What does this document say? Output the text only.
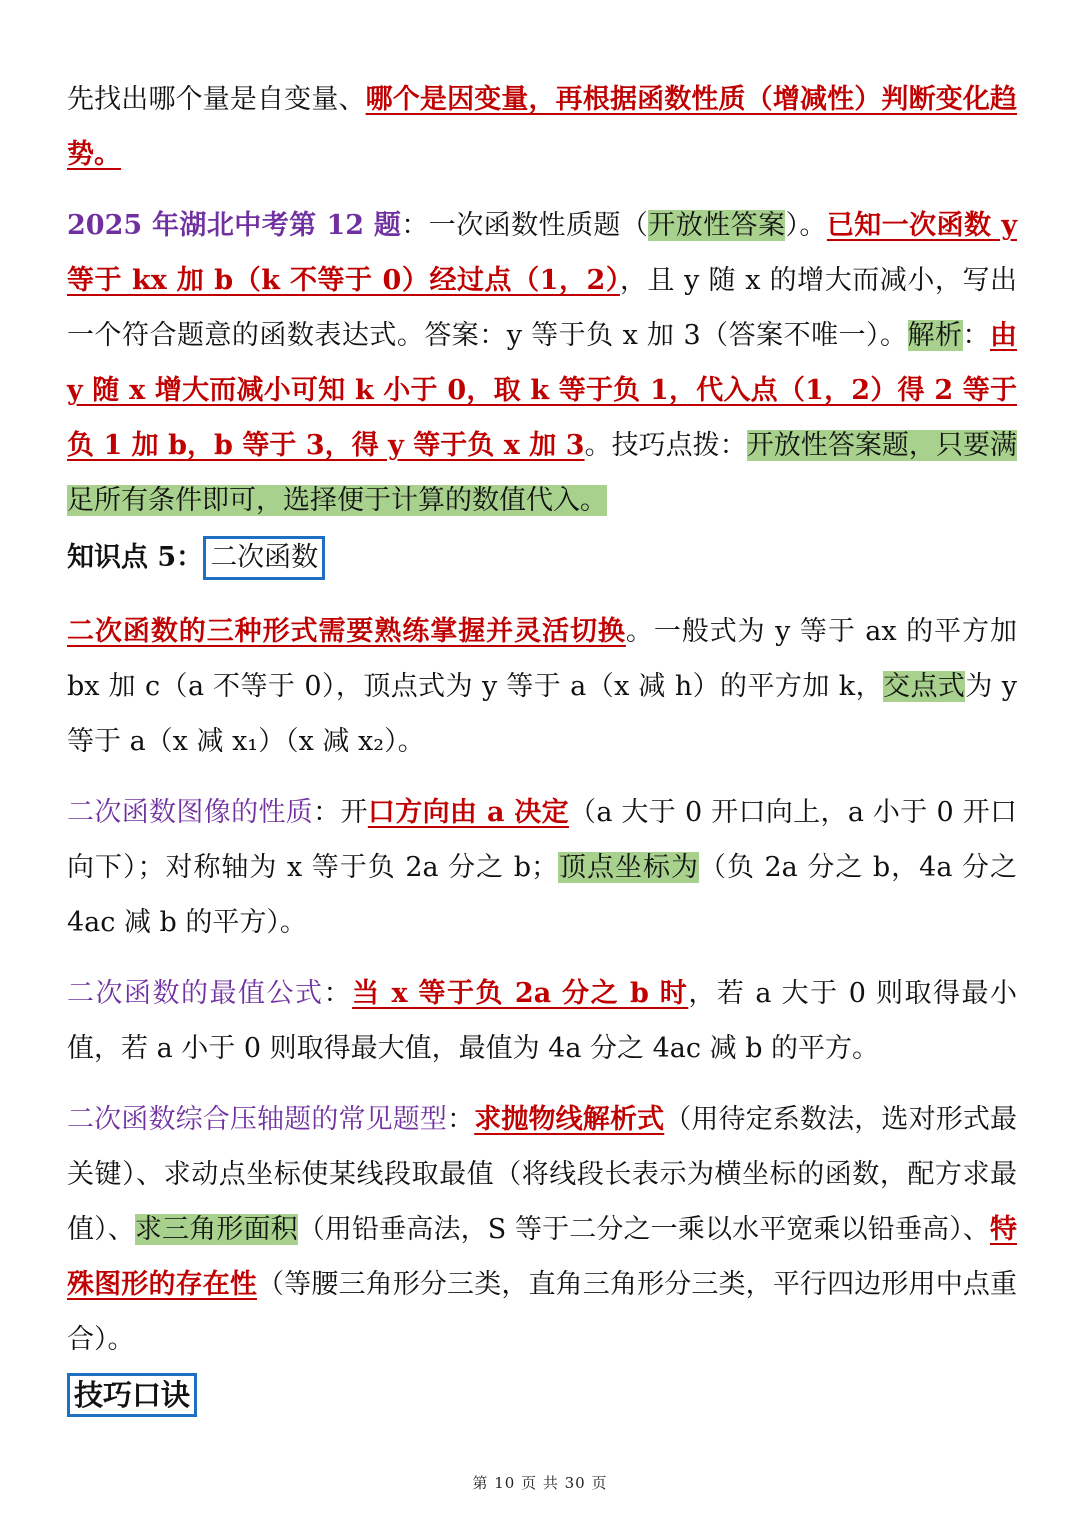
先找出哪个量是自变量、哪个是因变量，再根据函数性质（增减性）判断变化趋势。

2025 年湖北中考第 12 题：一次函数性质题（开放性答案）。已知一次函数 y 等于 kx 加 b（k 不等于 0）经过点（1，2），且 y 随 x 的增大而减小，写出一个符合题意的函数表达式。答案：y 等于负 x 加 3（答案不唯一）。解析：由 y 随 x 增大而减小可知 k 小于 0，取 k 等于负 1，代入点（1，2）得 2 等于负 1 加 b，b 等于 3，得 y 等于负 x 加 3。技巧点拨：开放性答案题，只要满足所有条件即可，选择便于计算的数值代入。

知识点 5： 二次函数

二次函数的三种形式需要熟练掌握并灵活切换。一般式为 y 等于 ax 的平方加 bx 加 c（a 不等于 0），顶点式为 y 等于 a（x 减 h）的平方加 k，交点式为 y 等于 a（x 减 x₁）（x 减 x₂）。

二次函数图像的性质：开口方向由 a 决定（a 大于 0 开口向上，a 小于 0 开口向下）；对称轴为 x 等于负 2a 分之 b；顶点坐标为（负 2a 分之 b，4a 分之 4ac 减 b 的平方）。

二次函数的最值公式：当 x 等于负 2a 分之 b 时，若 a 大于 0 则取得最小值，若 a 小于 0 则取得最大值，最值为 4a 分之 4ac 减 b 的平方。

二次函数综合压轴题的常见题型：求抛物线解析式（用待定系数法，选对形式最关键）、求动点坐标使某线段取最值（将线段长表示为横坐标的函数，配方求最值）、求三角形面积（用铅垂高法，S 等于二分之一乘以水平宽乘以铅垂高）、特殊图形的存在性（等腰三角形分三类，直角三角形分三类，平行四边形用中点重合）。

技巧口诀

第 10 页 共 30 页
